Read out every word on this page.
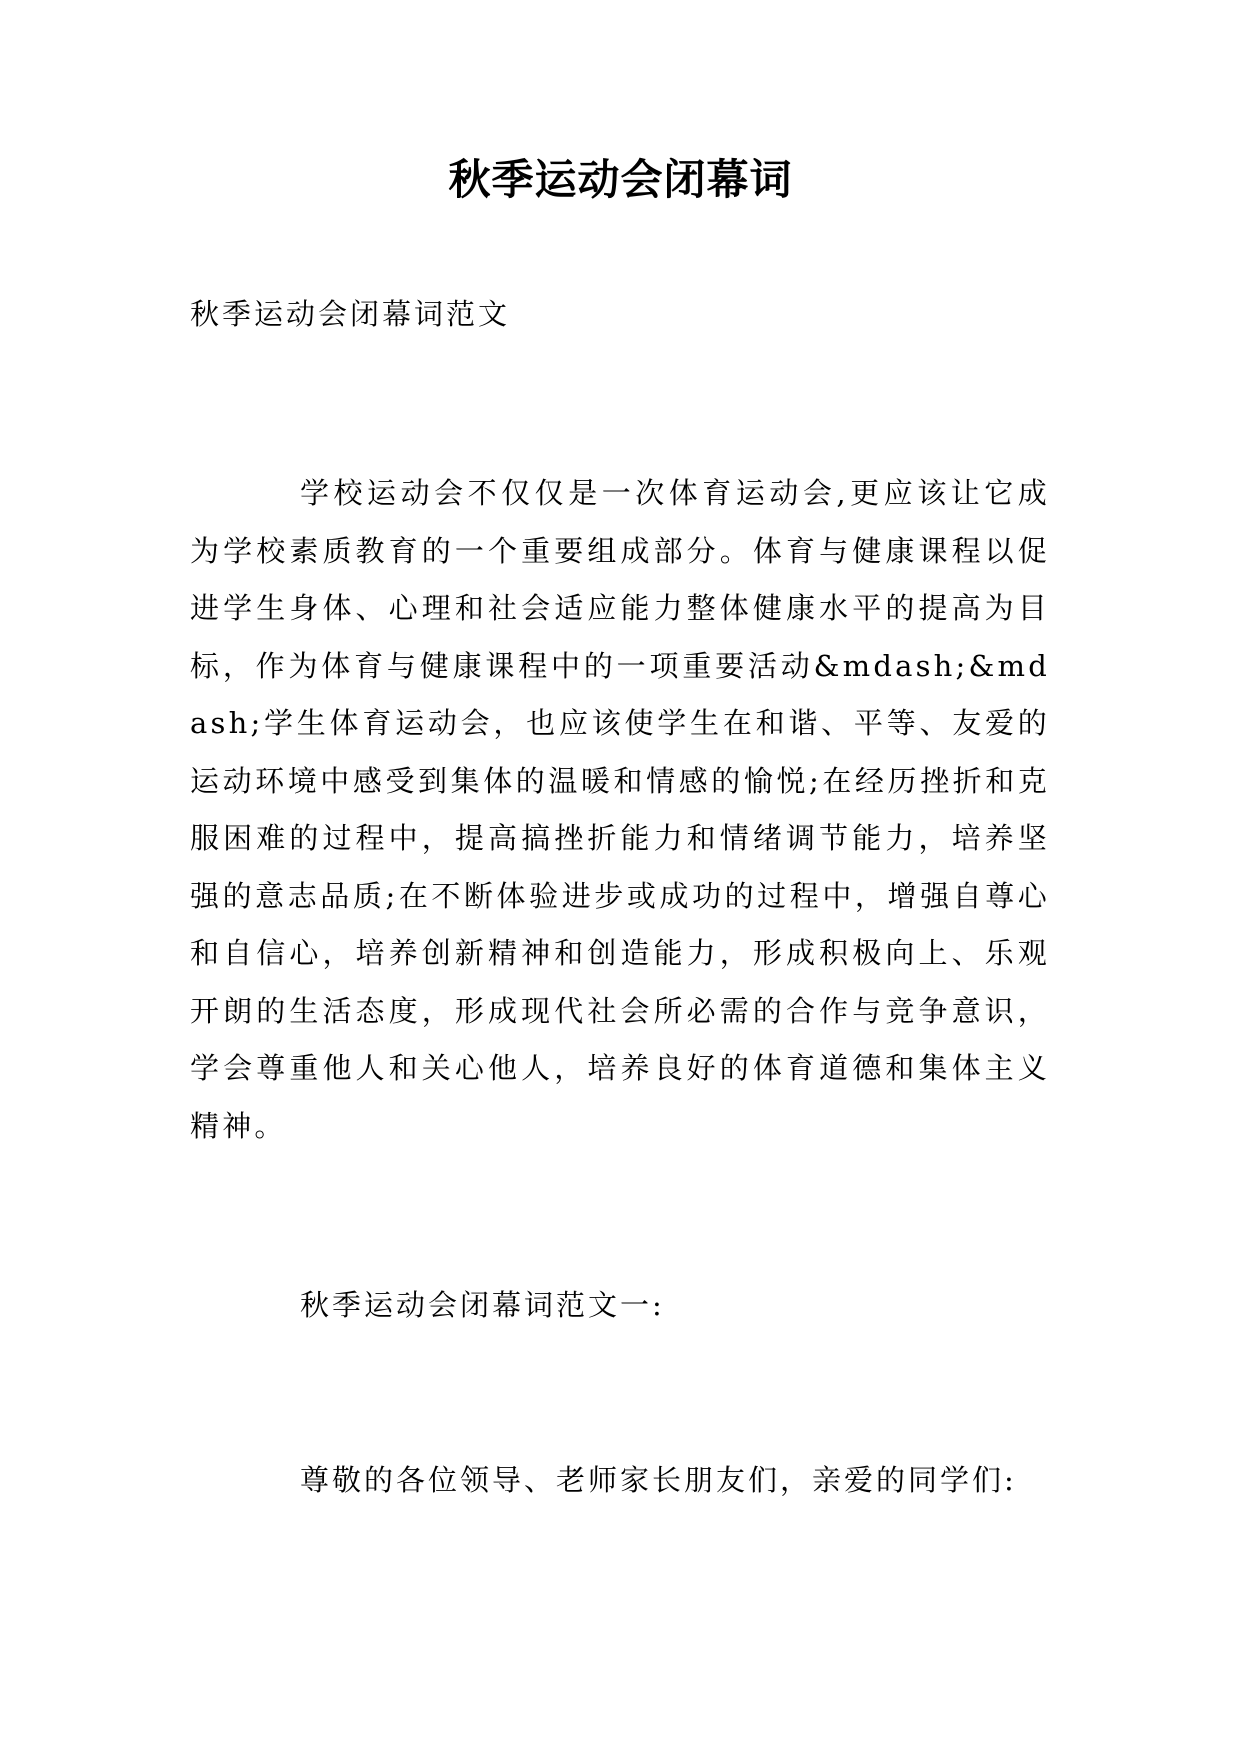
秋季运动会闭幕词

秋季运动会闭幕词范文

学校运动会不仅仅是一次体育运动会,更应该让它成为学校素质教育的一个重要组成部分。体育与健康课程以促进学生身体、心理和社会适应能力整体健康水平的提高为目标，作为体育与健康课程中的一项重要活动&mdash;&mdash;学生体育运动会，也应该使学生在和谐、平等、友爱的运动环境中感受到集体的温暖和情感的愉悦;在经历挫折和克服困难的过程中，提高搞挫折能力和情绪调节能力，培养坚强的意志品质;在不断体验进步或成功的过程中，增强自尊心和自信心，培养创新精神和创造能力，形成积极向上、乐观开朗的生活态度，形成现代社会所必需的合作与竞争意识，学会尊重他人和关心他人，培养良好的体育道德和集体主义精神。

秋季运动会闭幕词范文一:

尊敬的各位领导、老师家长朋友们，亲爱的同学们:
